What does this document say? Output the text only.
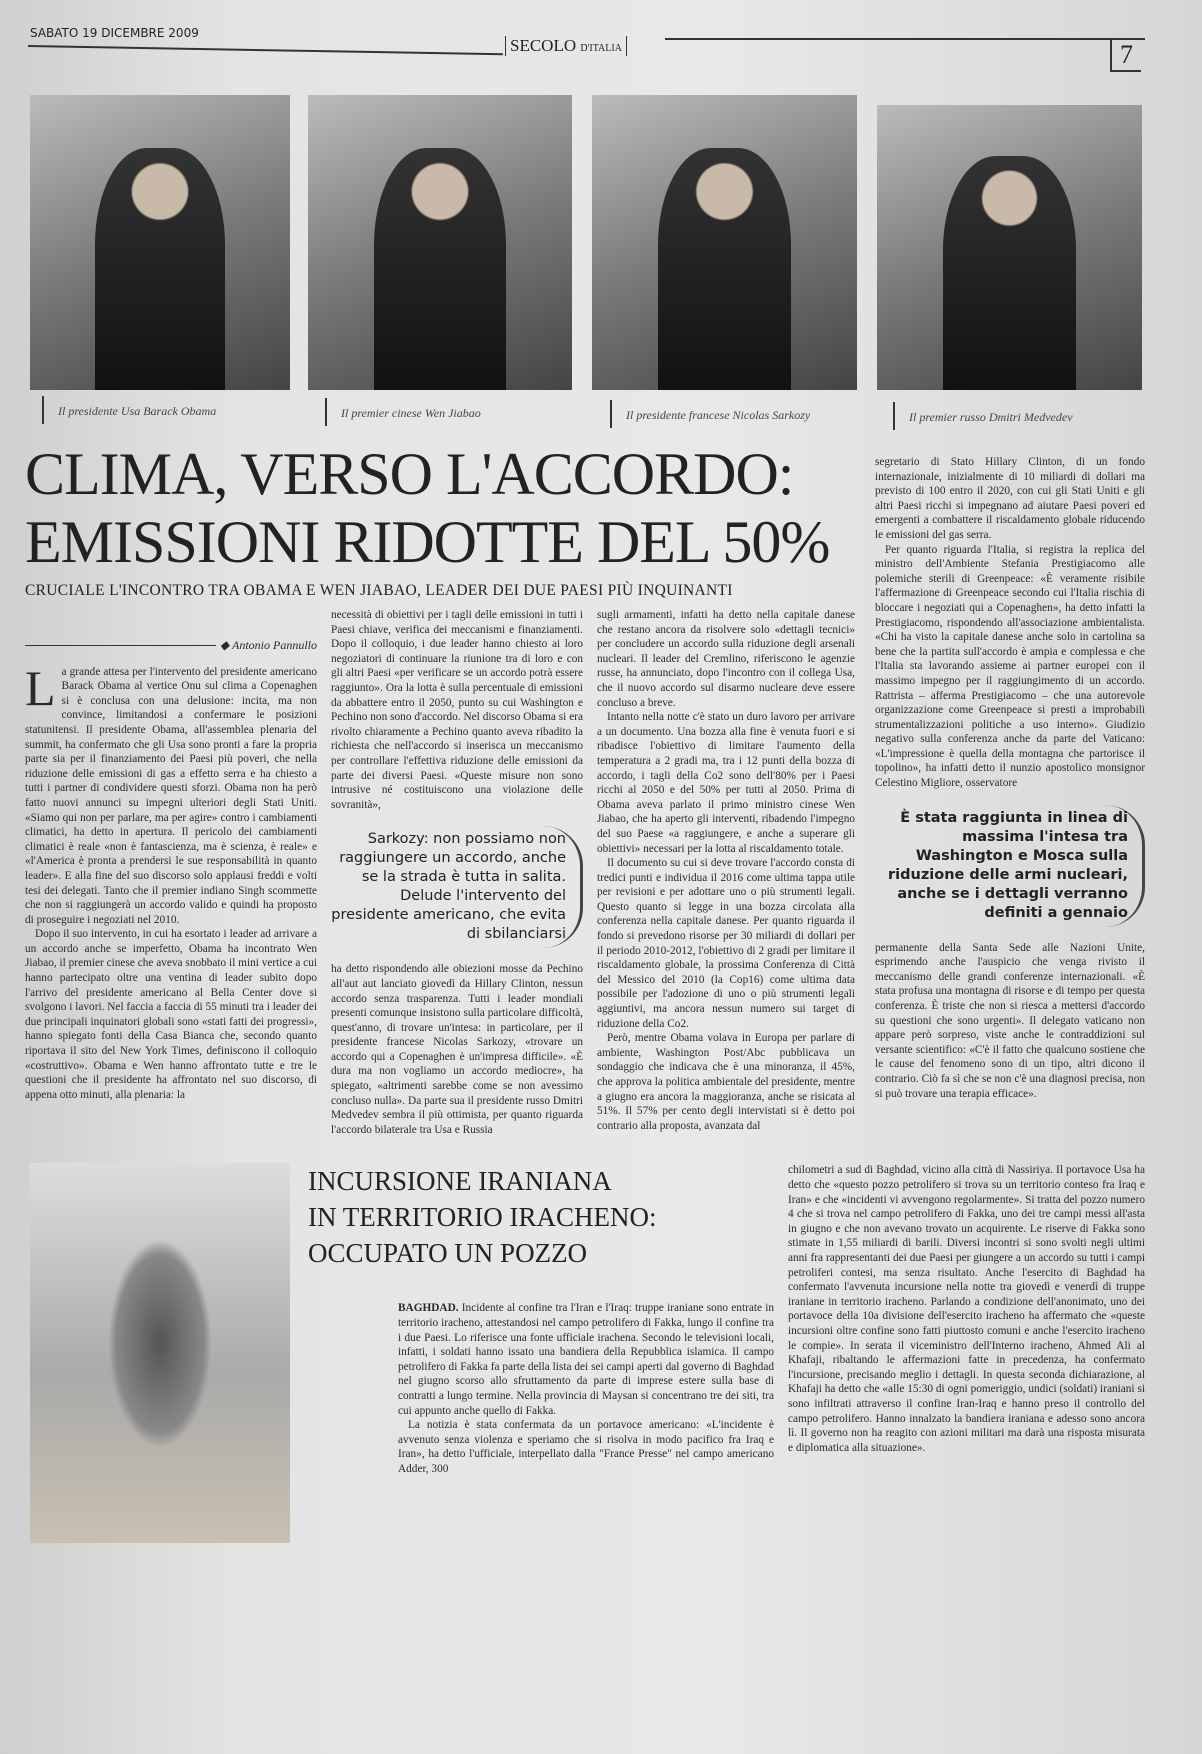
SABATO 19 DICEMBRE 2009
SECOLO D'ITALIA	7
Il presidente Usa Barack Obama	Il premier cinese Wen Jiabao	Il presidente francese Nicolas Sarkozy	Il premier russo Dmitri Medvedev
CLIMA, VERSO L'ACCORDO:
EMISSIONI RIDOTTE DEL 50%
CRUCIALE L'INCONTRO TRA OBAMA E WEN JIABAO, LEADER DEI DUE PAESI PIÙ INQUINANTI
◆ Antonio Pannullo

La grande attesa per l'intervento del presidente americano Barack Obama al vertice Onu sul clima a Copenaghen si è conclusa con una delusione: incita, ma non convince, limitandosi a confermare le posizioni statunitensi. Il presidente Obama, all'assemblea plenaria del summit, ha confermato che gli Usa sono pronti a fare la propria parte sia per il finanziamento dei Paesi più poveri, che nella riduzione delle emissioni di gas a effetto serra e ha chiesto a tutti i partner di condividere questi sforzi. Obama non ha però fatto nuovi annunci su impegni ulteriori degli Stati Uniti. «Siamo qui non per parlare, ma per agire» contro i cambiamenti climatici, ha detto in apertura. Il pericolo dei cambiamenti climatici è reale «non è fantascienza, ma è scienza, è reale» e «l'America è pronta a prendersi le sue responsabilità in quanto leader». E alla fine del suo discorso solo applausi freddi e volti tesi dei delegati. Tanto che il premier indiano Singh scommette che non si raggiungerà un accordo valido e quindi ha proposto di proseguire i negoziati nel 2010.

Dopo il suo intervento, in cui ha esortato i leader ad arrivare a un accordo anche se imperfetto, Obama ha incontrato Wen Jiabao, il premier cinese che aveva snobbato il mini vertice a cui hanno partecipato oltre una ventina di leader subito dopo l'arrivo del presidente americano al Bella Center dove si svolgono i lavori. Nel faccia a faccia di 55 minuti tra i leader dei due principali inquinatori globali sono «stati fatti dei progressi», hanno spiegato fonti della Casa Bianca che, secondo quanto riportava il sito del New York Times, definiscono il colloquio «costruttivo». Obama e Wen hanno affrontato tutte e tre le questioni che il presidente ha affrontato nel suo discorso, di appena otto minuti, alla plenaria: la

necessità di obiettivi per i tagli delle emissioni in tutti i Paesi chiave, verifica dei meccanismi e finanziamenti. Dopo il colloquio, i due leader hanno chiesto ai loro negoziatori di continuare la riunione tra di loro e con gli altri Paesi «per verificare se un accordo potrà essere raggiunto». Ora la lotta è sulla percentuale di emissioni da abbattere entro il 2050, punto su cui Washington e Pechino non sono d'accordo. Nel discorso Obama si era rivolto chiaramente a Pechino quanto aveva ribadito la richiesta che nell'accordo si inserisca un meccanismo per controllare l'effettiva riduzione delle emissioni da parte dei diversi Paesi. «Queste misure non sono intrusive né costituiscono una violazione delle sovranità»,
Sarkozy: non possiamo non raggiungere un accordo, anche se la strada è tutta in salita. Delude l'intervento del presidente americano, che evita di sbilanciarsi
ha detto rispondendo alle obiezioni mosse da Pechino all'aut aut lanciato giovedì da Hillary Clinton, nessun accordo senza trasparenza. Tutti i leader mondiali presenti comunque insistono sulla particolare difficoltà, quest'anno, di trovare un'intesa: in particolare, per il presidente francese Nicolas Sarkozy, «trovare un accordo qui a Copenaghen è un'impresa difficile». «È dura ma non vogliamo un accordo mediocre», ha spiegato, «altrimenti sarebbe come se non avessimo concluso nulla». Da parte sua il presidente russo Dmitri Medvedev sembra il più ottimista, per quanto riguarda l'accordo bilaterale tra Usa e Russia

sugli armamenti, infatti ha detto nella capitale danese che restano ancora da risolvere solo «dettagli tecnici» per concludere un accordo sulla riduzione degli arsenali nucleari. Il leader del Cremlino, riferiscono le agenzie russe, ha annunciato, dopo l'incontro con il collega Usa, che il nuovo accordo sul disarmo nucleare deve essere concluso a breve.

Intanto nella notte c'è stato un duro lavoro per arrivare a un documento. Una bozza alla fine è venuta fuori e si ribadisce l'obiettivo di limitare l'aumento della temperatura a 2 gradi ma, tra i 12 punti della bozza di accordo, i tagli della Co2 sono dell'80% per i Paesi ricchi al 2050 e del 50% per tutti al 2050. Prima di Obama aveva parlato il primo ministro cinese Wen Jiabao, che ha aperto gli interventi, ribadendo l'impegno del suo Paese «a raggiungere, e anche a superare gli obiettivi» necessari per la lotta al riscaldamento totale.

Il documento su cui si deve trovare l'accordo consta di tredici punti e individua il 2016 come ultima tappa utile per revisioni e per adottare uno o più strumenti legali. Questo quanto si legge in una bozza circolata alla conferenza nella capitale danese. Per quanto riguarda il fondo si prevedono risorse per 30 miliardi di dollari per il periodo 2010-2012, l'obiettivo di 2 gradi per limitare il riscaldamento globale, la prossima Conferenza di Città del Messico del 2010 (la Cop16) come ultima data possibile per l'adozione di uno o più strumenti legali aggiuntivi, ma ancora nessun numero sui target di riduzione della Co2.

Però, mentre Obama volava in Europa per parlare di ambiente, Washington Post/Abc pubblicava un sondaggio che indicava che è una minoranza, il 45%, che approva la politica ambientale del presidente, mentre a giugno era ancora la maggioranza, anche se risicata al 51%. Il 57% per cento degli intervistati si è detto poi contrario alla proposta, avanzata dal

segretario di Stato Hillary Clinton, di un fondo internazionale, inizialmente di 10 miliardi di dollari ma previsto di 100 entro il 2020, con cui gli Stati Uniti e gli altri Paesi ricchi si impegnano ad aiutare Paesi poveri ed emergenti a combattere il riscaldamento globale riducendo le emissioni del gas serra.

Per quanto riguarda l'Italia, si registra la replica del ministro dell'Ambiente Stefania Prestigiacomo alle polemiche sterili di Greenpeace: «È veramente risibile l'affermazione di Greenpeace secondo cui l'Italia rischia di bloccare i negoziati qui a Copenaghen», ha detto infatti la Prestigiacomo, rispondendo all'associazione ambientalista. «Chi ha visto la capitale danese anche solo in cartolina sa bene che la partita sull'accordo è ampia e complessa e che l'Italia sta lavorando assieme ai partner europei con il massimo impegno per il raggiungimento di un accordo. Rattrista – afferma Prestigiacomo – che una autorevole organizzazione come Greenpeace si presti a improbabili strumentalizzazioni politiche a uso interno». Giudizio negativo sulla conferenza anche da parte del Vaticano: «L'impressione è quella della montagna che partorisce il topolino», ha infatti detto il nunzio apostolico monsignor Celestino Migliore, osservatore

È stata raggiunta in linea di massima l'intesa tra Washington e Mosca sulla riduzione delle armi nucleari, anche se i dettagli verranno definiti a gennaio
permanente della Santa Sede alle Nazioni Unite, esprimendo anche l'auspicio che venga rivisto il meccanismo delle grandi conferenze internazionali. «È stata profusa una montagna di risorse e di tempo per questa conferenza. È triste che non si riesca a mettersi d'accordo su questioni che sono urgenti». Il delegato vaticano non appare però sorpreso, viste anche le contraddizioni sul versante scientifico: «C'è il fatto che qualcuno sostiene che le cause del fenomeno sono di un tipo, altri dicono il contrario. Ciò fa sì che se non c'è una diagnosi precisa, non si può trovare una terapia efficace».
INCURSIONE IRANIANA
IN TERRITORIO IRACHENO:
OCCUPATO UN POZZO

BAGHDAD. Incidente al confine tra l'Iran e l'Iraq: truppe iraniane sono entrate in territorio iracheno, attestandosi nel campo petrolifero di Fakka, lungo il confine tra i due Paesi. Lo riferisce una fonte ufficiale irachena. Secondo le televisioni locali, infatti, i soldati hanno issato una bandiera della Repubblica islamica. Il campo petrolifero di Fakka fa parte della lista dei sei campi aperti dal governo di Baghdad nel giugno scorso allo sfruttamento da parte di imprese estere sulla base di contratti a lungo termine. Nella provincia di Maysan si concentrano tre dei siti, tra cui appunto anche quello di Fakka.

La notizia è stata confermata da un portavoce americano: «L'incidente è avvenuto senza violenza e speriamo che si risolva in modo pacifico fra Iraq e Iran», ha detto l'ufficiale, interpellato dalla "France Presse" nel campo americano Adder, 300

chilometri a sud di Baghdad, vicino alla città di Nassiriya. Il portavoce Usa ha detto che «questo pozzo petrolifero si trova su un territorio conteso fra Iraq e Iran» e che «incidenti vi avvengono regolarmente». Si tratta del pozzo numero 4 che si trova nel campo petrolifero di Fakka, uno dei tre campi messi all'asta in giugno e che non avevano trovato un acquirente. Le riserve di Fakka sono stimate in 1,55 miliardi di barili. Diversi incontri si sono svolti negli ultimi anni fra rappresentanti dei due Paesi per giungere a un accordo su tutti i campi petroliferi contesi, ma senza risultato. Anche l'esercito di Baghdad ha confermato l'avvenuta incursione nella notte tra giovedì e venerdì di truppe iraniane in territorio iracheno. Parlando a condizione dell'anonimato, uno dei portavoce della 10a divisione dell'esercito iracheno ha affermato che «queste incursioni oltre confine sono fatti piuttosto comuni e anche l'esercito iracheno le compie». In serata il viceministro dell'Interno iracheno, Ahmed Ali al Khafaji, ribaltando le affermazioni fatte in precedenza, ha confermato l'incursione, precisando meglio i dettagli. In questa seconda dichiarazione, al Khafaji ha detto che «alle 15:30 di ogni pomeriggio, undici (soldati) iraniani si sono infiltrati attraverso il confine Iran-Iraq e hanno preso il controllo del campo petrolifero. Hanno innalzato la bandiera iraniana e adesso sono ancora lì. Il governo non ha reagito con azioni militari ma darà una risposta misurata e diplomatica alla situazione».
